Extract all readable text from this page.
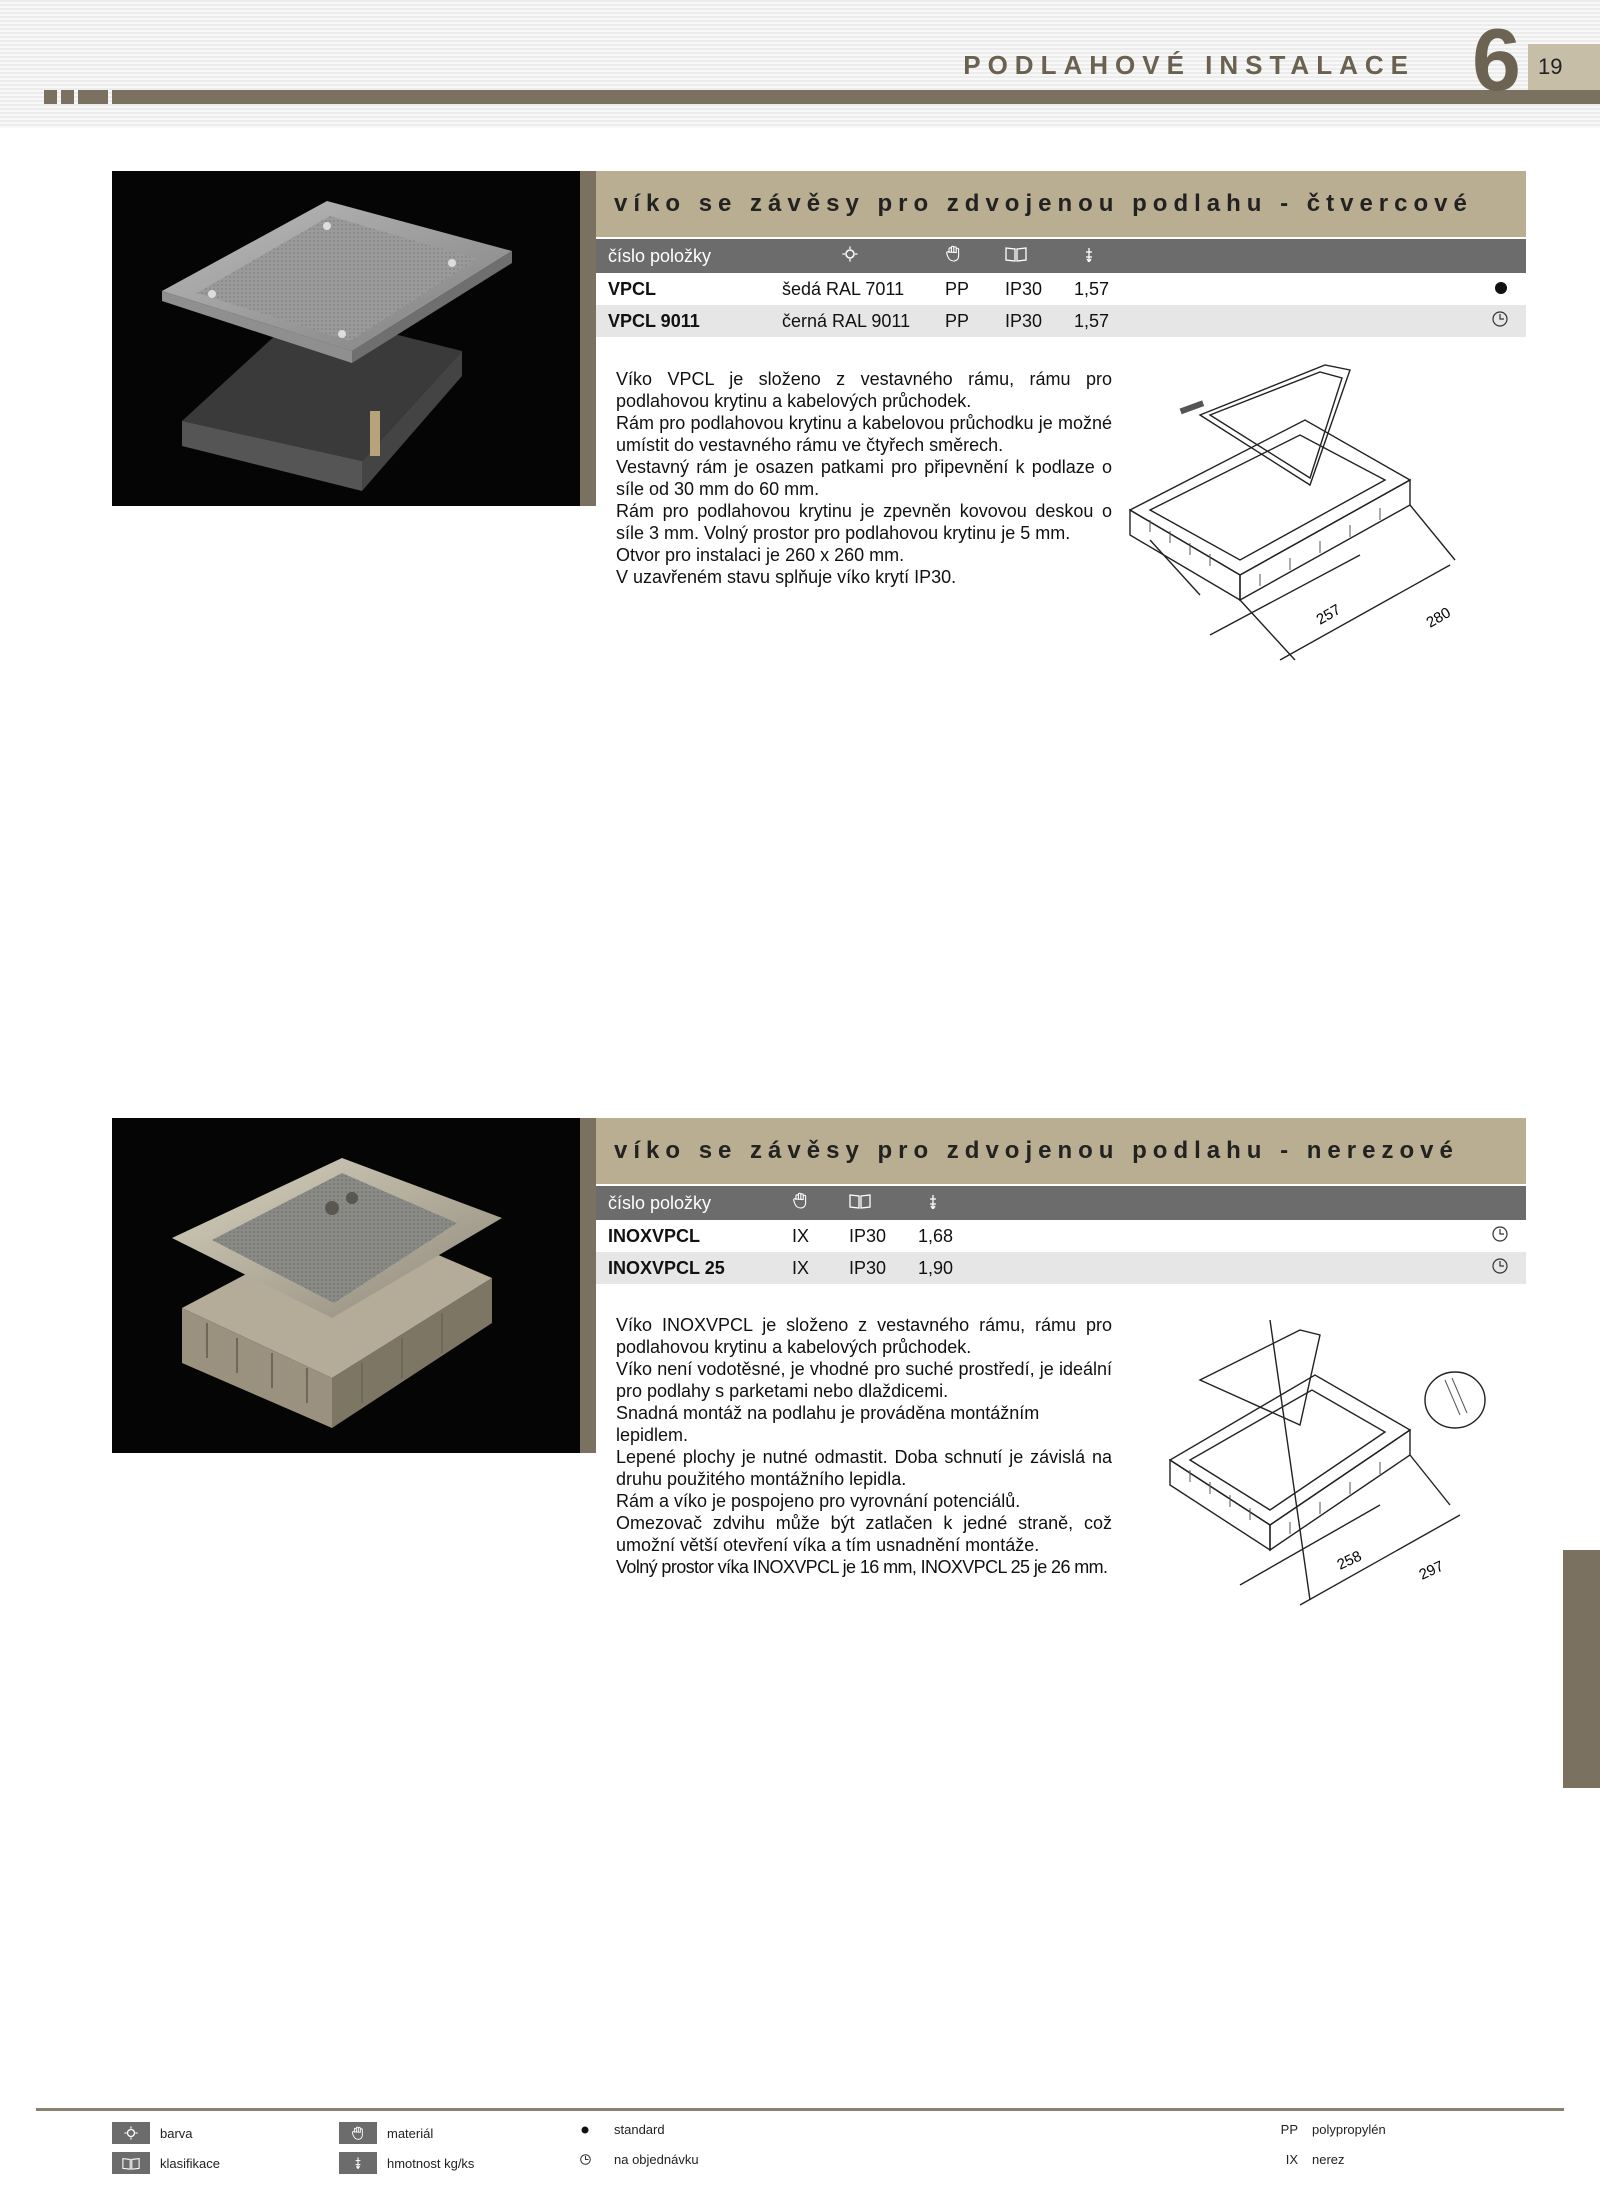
PODLAHOVÉ INSTALACE	19
6
víko se závěsy pro zdvojenou podlahu - čtvercové
číslo položky					
VPCL	šedá RAL 7011	PP	IP30	1,57	
VPCL 9011	černá RAL 9011	PP	IP30	1,57	

Víko VPCL je složeno z vestavného rámu, rámu pro podlahovou krytinu a kabelových průchodek.

Rám pro podlahovou krytinu a kabelovou průchodku je možné umístit do vestavného rámu ve čtyřech směrech.

Vestavný rám je osazen patkami pro připevnění k podlaze o síle od 30 mm do 60 mm.

Rám pro podlahovou krytinu je zpevněn kovovou deskou o síle 3 mm. Volný prostor pro podlahovou krytinu je 5 mm.

Otvor pro instalaci je 260 x 260 mm.

V uzavřeném stavu splňuje víko krytí IP30.

257	280
víko se závěsy pro zdvojenou podlahu - nerezové
číslo položky				
INOXVPCL	IX	IP30	1,68	
INOXVPCL 25	IX	IP30	1,90	

Víko INOXVPCL je složeno z vestavného rámu, rámu pro podlahovou krytinu a kabelových průchodek.

Víko není vodotěsné, je vhodné pro suché prostředí, je ideální pro podlahy s parketami nebo dlaždicemi.

Snadná montáž na podlahu je prováděna montážním lepidlem.

Lepené plochy je nutné odmastit. Doba schnutí je závislá na druhu použitého montážního lepidla.

Rám a víko je pospojeno pro vyrovnání potenciálů.

Omezovač zdvihu může být zatlačen k jedné straně, což umožní větší otevření víka a tím usnadnění montáže.

Volný prostor víka INOXVPCL je 16 mm, INOXVPCL 25 je 26 mm.	258	297
barva
klasifikace
materiál
hmotnost kg/ks
standard
na objednávku
PP polypropylén
IX nerez
